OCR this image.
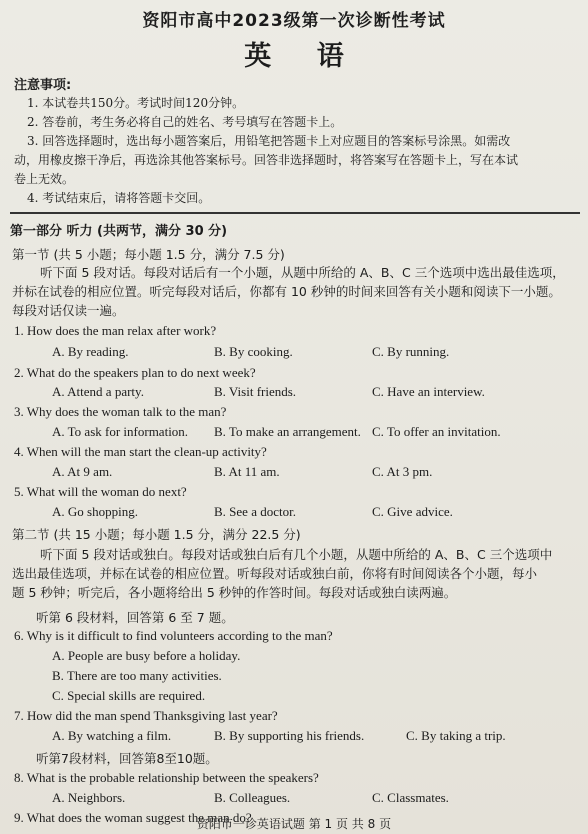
资阳市高中2023级第一次诊断性考试
英 语
注意事项:
1. 本试卷共150分。考试时间120分钟。
2. 答卷前，考生务必将自己的姓名、考号填写在答题卡上。
3. 回答选择题时，选出每小题答案后，用铅笔把答题卡上对应题目的答案标号涂黑。如需改
动，用橡皮擦干净后，再选涂其他答案标号。回答非选择题时，将答案写在答题卡上，写在本试
卷上无效。
4. 考试结束后，请将答题卡交回。
第一部分 听力 (共两节，满分 30 分)
第一节 (共 5 小题；每小题 1.5 分，满分 7.5 分)
听下面 5 段对话。每段对话后有一个小题，从题中所给的 A、B、C 三个选项中选出最佳选项，
并标在试卷的相应位置。听完每段对话后，你都有 10 秒钟的时间来回答有关小题和阅读下一小题。
每段对话仅读一遍。
1. How does the man relax after work?
A. By reading.	B. By cooking.	C. By running.
2. What do the speakers plan to do next week?
A. Attend a party.	B. Visit friends.	C. Have an interview.
3. Why does the woman talk to the man?
A. To ask for information. B. To make an arrangement. C. To offer an invitation.
4. When will the man start the clean-up activity?
A. At 9 am.	B. At 11 am.	C. At 3 pm.
5. What will the woman do next?
A. Go shopping.	B. See a doctor.	C. Give advice.
第二节 (共 15 小题；每小题 1.5 分，满分 22.5 分)
听下面 5 段对话或独白。每段对话或独白后有几个小题，从题中所给的 A、B、C 三个选项中
选出最佳选项，并标在试卷的相应位置。听每段对话或独白前，你将有时间阅读各个小题，每小
题 5 秒钟；听完后，各小题将给出 5 秒钟的作答时间。每段对话或独白读两遍。
听第 6 段材料，回答第 6 至 7 题。
6. Why is it difficult to find volunteers according to the man?
A. People are busy before a holiday.
B. There are too many activities.
C. Special skills are required.
7. How did the man spend Thanksgiving last year?
A. By watching a film.	B. By supporting his friends.	C. By taking a trip.
听第7段材料，回答第8至10题。
8. What is the probable relationship between the speakers?
A. Neighbors.	B. Colleagues.	C. Classmates.
9. What does the woman suggest the man do?
资阳市一诊英语试题 第 1 页 共 8 页
